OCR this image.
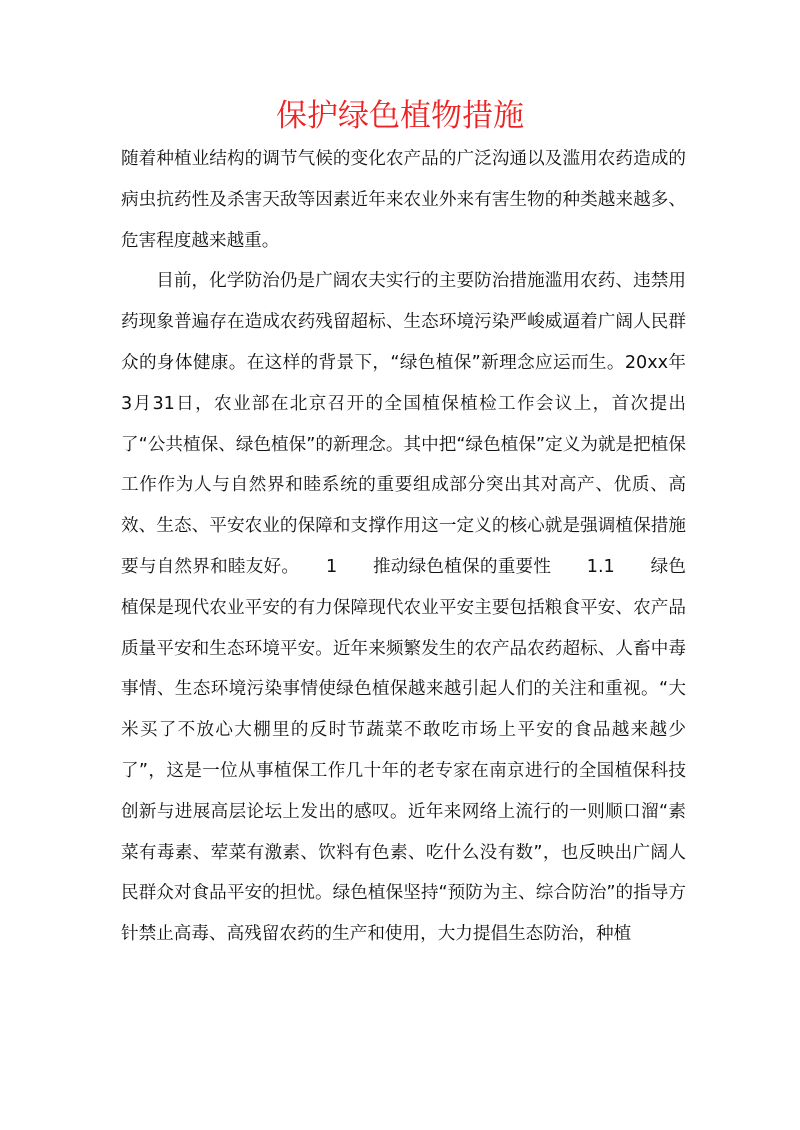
保护绿色植物措施

随着种植业结构的调节气候的变化农产品的广泛沟通以及滥用农药造成的病虫抗药性及杀害天敌等因素近年来农业外来有害生物的种类越来越多、危害程度越来越重。

目前，化学防治仍是广阔农夫实行的主要防治措施滥用农药、违禁用药现象普遍存在造成农药残留超标、生态环境污染严峻威逼着广阔人民群众的身体健康。在这样的背景下，“绿色植保”新理念应运而生。20xx年3月31日，农业部在北京召开的全国植保植检工作会议上，首次提出了“公共植保、绿色植保”的新理念。其中把“绿色植保”定义为就是把植保工作作为人与自然界和睦系统的重要组成部分突出其对高产、优质、高效、生态、平安农业的保障和支撑作用这一定义的核心就是强调植保措施要与自然界和睦友好。　　1　　推动绿色植保的重要性　　1.1　　绿色植保是现代农业平安的有力保障现代农业平安主要包括粮食平安、农产品质量平安和生态环境平安。近年来频繁发生的农产品农药超标、人畜中毒事情、生态环境污染事情使绿色植保越来越引起人们的关注和重视。“大米买了不放心大棚里的反时节蔬菜不敢吃市场上平安的食品越来越少了”，这是一位从事植保工作几十年的老专家在南京进行的全国植保科技创新与进展高层论坛上发出的感叹。近年来网络上流行的一则顺口溜“素菜有毒素、荤菜有激素、饮料有色素、吃什么没有数”，也反映出广阔人民群众对食品平安的担忧。绿色植保坚持“预防为主、综合防治”的指导方针禁止高毒、高残留农药的生产和使用，大力提倡生态防治，种植
